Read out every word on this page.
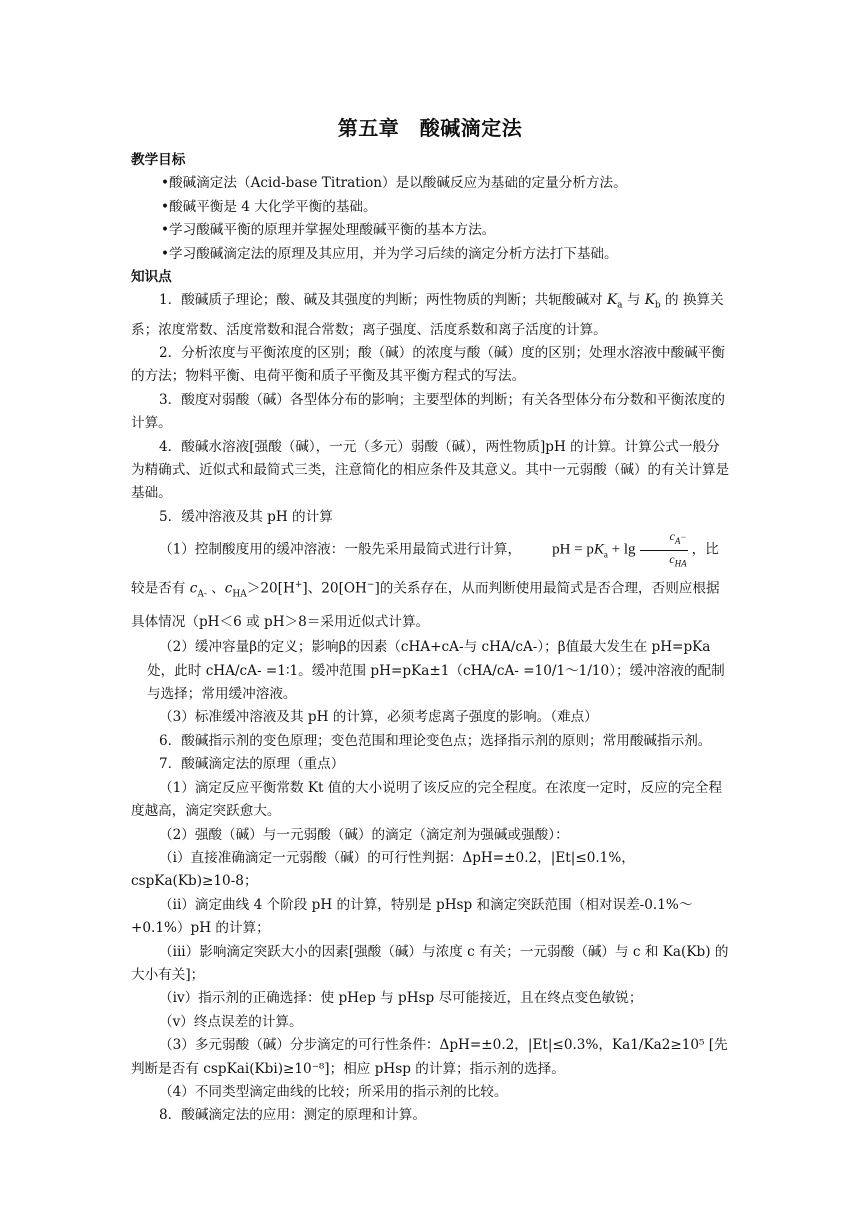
第五章　酸碱滴定法
教学目标
•酸碱滴定法（Acid-base Titration）是以酸碱反应为基础的定量分析方法。
•酸碱平衡是 4 大化学平衡的基础。
•学习酸碱平衡的原理并掌握处理酸碱平衡的基本方法。
•学习酸碱滴定法的原理及其应用，并为学习后续的滴定分析方法打下基础。
知识点
1．酸碱质子理论；酸、碱及其强度的判断；两性物质的判断；共轭酸碱对 $K_a$ 与 $K_b$ 的 换算关系；浓度常数、活度常数和混合常数；离子强度、活度系数和离子活度的计算。
2．分析浓度与平衡浓度的区别；酸（碱）的浓度与酸（碱）度的区别；处理水溶液中酸碱平衡的方法；物料平衡、电荷平衡和质子平衡及其平衡方程式的写法。
3．酸度对弱酸（碱）各型体分布的影响；主要型体的判断；有关各型体分布分数和平衡浓度的计算。
4．酸碱水溶液[强酸（碱），一元（多元）弱酸（碱），两性物质]pH 的计算。计算公式一般分为精确式、近似式和最简式三类，注意简化的相应条件及其意义。其中一元弱酸（碱）的有关计算是基础。
5．缓冲溶液及其 pH 的计算
（1）控制酸度用的缓冲溶液：一般先采用最简式进行计算， pH = $pK_a + \lg \frac{c_{A^-}}{c_{HA}}$ ，比较是否有 $c_{A-}$ 、$c_{HA}>20[H^+]$、20[OH−]的关系存在，从而判断使用最简式是否合理，否则应根据具体情况（pH＜6 或 pH＞8＝采用近似式计算。
（2）缓冲容量β的定义；影响β的因素（cHA+cA-与 cHA/cA-）；β值最大发生在 pH=pKa 处，此时 cHA/cA- =1∶1。缓冲范围 pH=pKa±1（cHA/cA- =10/1～1/10）；缓冲溶液的配制与选择；常用缓冲溶液。
（3）标准缓冲溶液及其 pH 的计算，必须考虑离子强度的影响。（难点）
6．酸碱指示剂的变色原理；变色范围和理论变色点；选择指示剂的原则；常用酸碱指示剂。
7．酸碱滴定法的原理（重点）
（1）滴定反应平衡常数 Kt 值的大小说明了该反应的完全程度。在浓度一定时，反应的完全程度越高，滴定突跃愈大。
（2）强酸（碱）与一元弱酸（碱）的滴定（滴定剂为强碱或强酸）：
（i）直接准确滴定一元弱酸（碱）的可行性判据：ΔpH=±0.2，|Et|≤0.1%，cspKa(Kb)≥10-8；
（ii）滴定曲线 4 个阶段 pH 的计算，特别是 pHsp 和滴定突跃范围（相对误差-0.1%～+0.1%）pH 的计算；
（iii）影响滴定突跃大小的因素[强酸（碱）与浓度 c 有关；一元弱酸（碱）与 c 和 Ka(Kb) 的大小有关]；
（iv）指示剂的正确选择：使 pHep 与 pHsp 尽可能接近，且在终点变色敏锐；
（v）终点误差的计算。
（3）多元弱酸（碱）分步滴定的可行性条件：ΔpH=±0.2，|Et|≤0.3%，Ka1/Ka2≥10⁵ [先判断是否有 cspKai(Kbi)≥10⁻⁸]；相应 pHsp 的计算；指示剂的选择。
（4）不同类型滴定曲线的比较；所采用的指示剂的比较。
8．酸碱滴定法的应用：测定的原理和计算。
